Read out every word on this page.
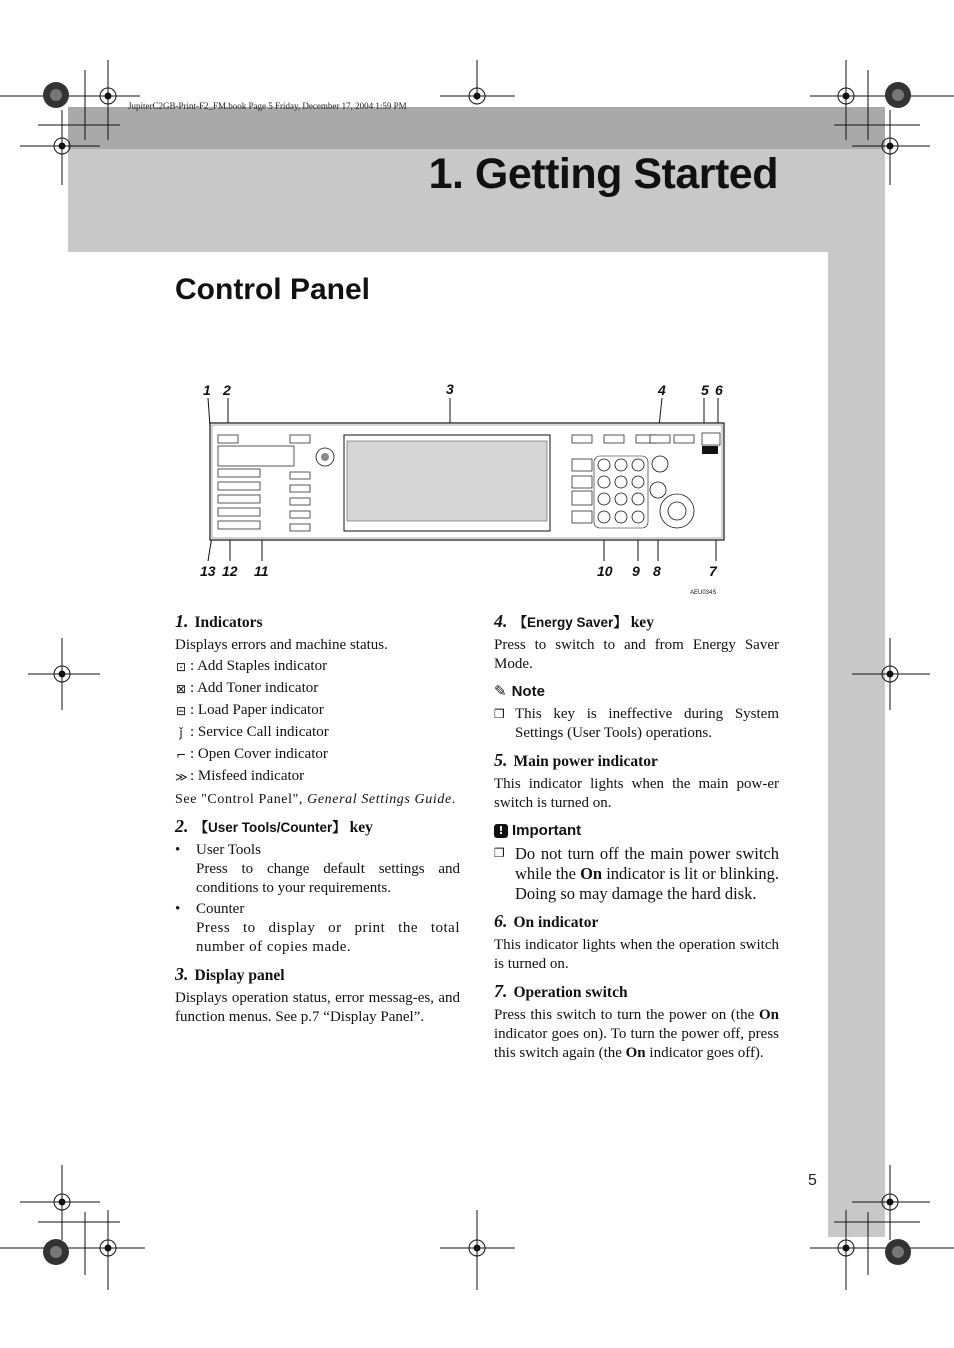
JupiterC2GB-Print-F2_FM.book Page 5 Friday, December 17, 2004 1:59 PM
1. Getting Started
Control Panel
1 2	3	4	5 6
13 12 11	10 9 8	7
AEU034S
1. Indicators

Displays errors and machine status.

⊡ : Add Staples indicator
⊠ : Add Toner indicator
⊟ : Load Paper indicator
ǰ : Service Call indicator
⌐ : Open Cover indicator
≫ : Misfeed indicator

See "Control Panel", General Settings Guide.

2. 【User Tools/Counter】 key
•	User Tools
Press to change default settings and conditions to your requirements.
•	Counter
Press to display or print the total number of copies made.
3. Display panel

Displays operation status, error messag-es, and function menus. See p.7 “Display Panel”.

4. 【Energy Saver】 key

Press to switch to and from Energy Saver Mode.

✎ Note
❒ This key is ineffective during System Settings (User Tools) operations.
5. Main power indicator

This indicator lights when the main pow-er switch is turned on.

! Important
❒ Do not turn off the main power switch while the On indicator is lit or blinking. Doing so may damage the hard disk.
6. On indicator

This indicator lights when the operation switch is turned on.

7. Operation switch

Press this switch to turn the power on (the On indicator goes on). To turn the power off, press this switch again (the On indicator goes off).

5
